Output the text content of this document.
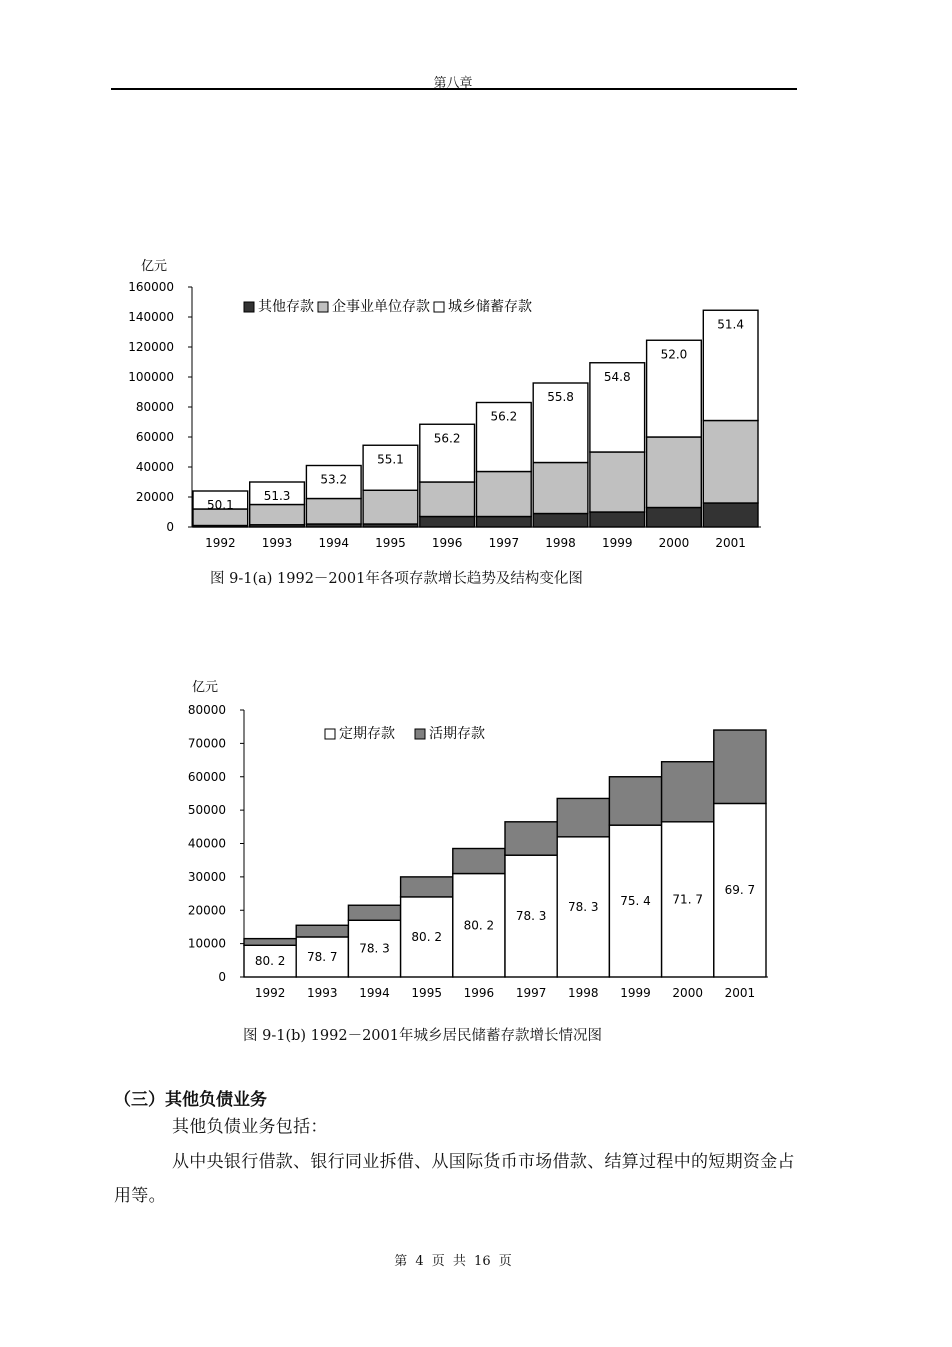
第八章
亿元
0
20000
40000
60000
80000
100000
120000
140000
160000
50.1
1992
51.3
1993
53.2
1994
55.1
1995
56.2
1996
56.2
1997
55.8
1998
54.8
1999
52.0
2000
51.4
2001
其他存款 企事业单位存款 城乡储蓄存款
图 9-1(a) 1992－2001年各项存款增长趋势及结构变化图
亿元
0
10000
20000
30000
40000
50000
60000
70000
80000
80. 2
1992
78. 7
1993
78. 3
1994
80. 2
1995
80. 2
1996
78. 3
1997
78. 3
1998
75. 4
1999
71. 7
2000
69. 7
2001
定期存款 活期存款
图 9-1(b) 1992－2001年城乡居民储蓄存款增长情况图
（三）其他负债业务
其他负债业务包括：
从中央银行借款、银行同业拆借、从国际货币市场借款、结算过程中的短期资金占用等。
第 4 页 共 16 页
